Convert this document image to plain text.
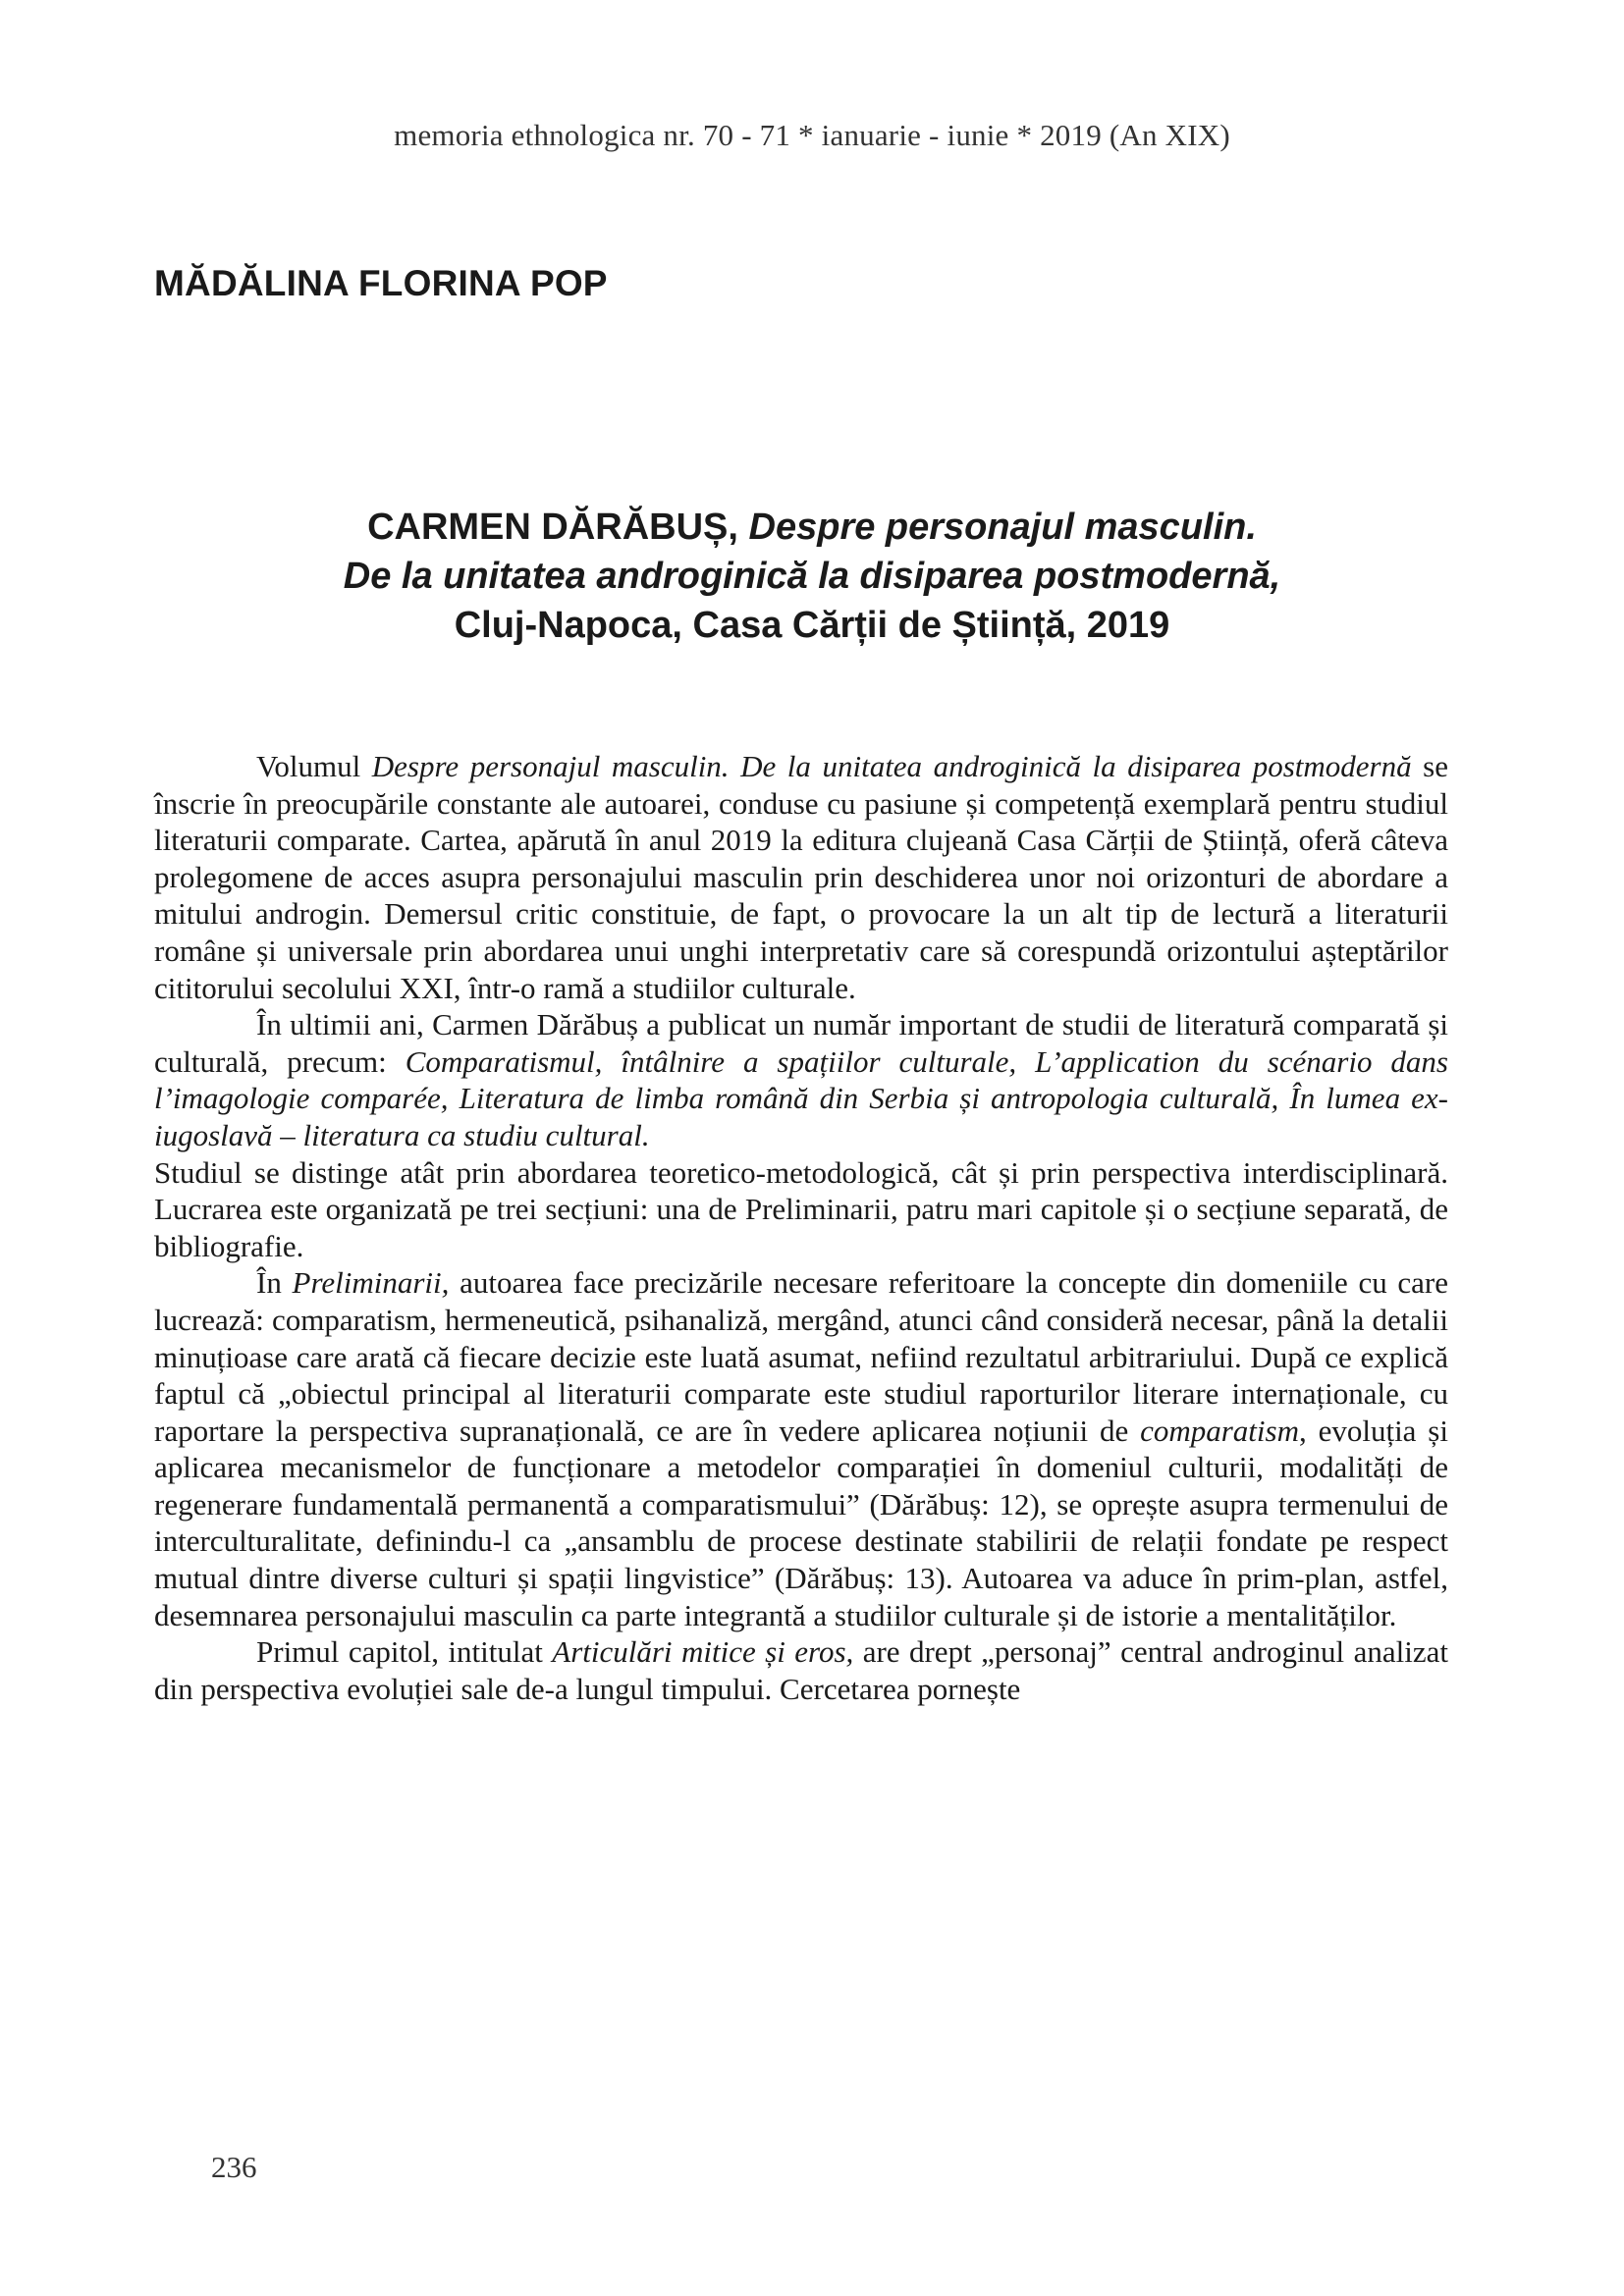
memoria ethnologica nr. 70 - 71 * ianuarie - iunie * 2019 (An XIX)
MĂDĂLINA FLORINA POP
CARMEN DĂRĂBUȘ, Despre personajul masculin.
De la unitatea androginică la disiparea postmodernă,
Cluj-Napoca, Casa Cărții de Știință, 2019

Volumul Despre personajul masculin. De la unitatea androginică la disiparea postmodernă se înscrie în preocupările constante ale autoarei, conduse cu pasiune și competență exemplară pentru studiul literaturii comparate. Cartea, apărută în anul 2019 la editura clujeană Casa Cărții de Știință, oferă câteva prolegomene de acces asupra personajului masculin prin deschiderea unor noi orizonturi de abordare a mitului androgin. Demersul critic constituie, de fapt, o provocare la un alt tip de lectură a literaturii române și universale prin abordarea unui unghi interpretativ care să corespundă orizontului așteptărilor cititorului secolului XXI, într-o ramă a studiilor culturale.

În ultimii ani, Carmen Dărăbuș a publicat un număr important de studii de literatură comparată și culturală, precum: Comparatismul, întâlnire a spațiilor culturale, L’application du scénario dans l’imagologie comparée, Literatura de limba română din Serbia și antropologia culturală, În lumea ex-iugoslavă – literatura ca studiu cultural.

Studiul se distinge atât prin abordarea teoretico-metodologică, cât și prin perspectiva interdisciplinară. Lucrarea este organizată pe trei secțiuni: una de Preliminarii, patru mari capitole și o secțiune separată, de bibliografie.

În Preliminarii, autoarea face precizările necesare referitoare la concepte din domeniile cu care lucrează: comparatism, hermeneutică, psihanaliză, mergând, atunci când consideră necesar, până la detalii minuțioase care arată că fiecare decizie este luată asumat, nefiind rezultatul arbitrariului. După ce explică faptul că „obiectul principal al literaturii comparate este studiul raporturilor literare internaționale, cu raportare la perspectiva supranațională, ce are în vedere aplicarea noțiunii de comparatism, evoluția și aplicarea mecanismelor de funcționare a metodelor comparației în domeniul culturii, modalități de regenerare fundamentală permanentă a comparatismului” (Dărăbuș: 12), se oprește asupra termenului de interculturalitate, definindu-l ca „ansamblu de procese destinate stabilirii de relații fondate pe respect mutual dintre diverse culturi și spații lingvistice” (Dărăbuș: 13). Autoarea va aduce în prim-plan, astfel, desemnarea personajului masculin ca parte integrantă a studiilor culturale și de istorie a mentalităților.

Primul capitol, intitulat Articulări mitice și eros, are drept „personaj” central androginul analizat din perspectiva evoluției sale de-a lungul timpului. Cercetarea pornește

236
